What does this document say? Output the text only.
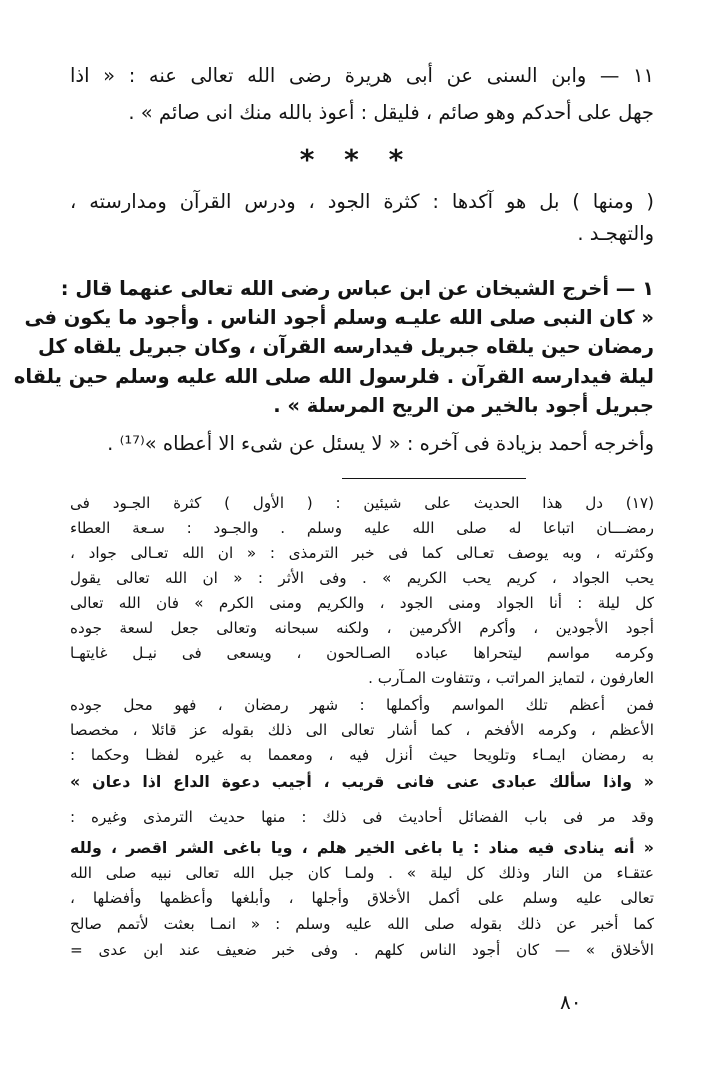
١١ — وابن السنى عن أبى هريرة رضى الله تعالى عنه : « اذا
جهل على أحدكم وهو صائم ، فليقل : أعوذ بالله منك انى صائم » .
* * *
( ومنها ) بل هو آكدها : كثرة الجود ، ودرس القرآن ومدارسته ،
والتهجـد .
١ — أخرج الشيخان عن ابن عباس رضى الله تعالى عنهما قال :
« كان النبى صلى الله عليـه وسلم أجود الناس . وأجود ما يكون فى
رمضان حين يلقاه جبريل فيدارسه القرآن ، وكان جبريل يلقاه كل
ليلة فيدارسه القرآن . فلرسول الله صلى الله عليه وسلم حين يلقاه
جبريل أجود بالخير من الريح المرسلة » .
وأخرجه أحمد بزيادة فى آخره : « لا يسئل عن شىء الا أعطاه »⁽¹⁷⁾ .
(١٧) دل هذا الحديث على شيئين : ( الأول ) كثرة الجـود فى
رمضـــان اتباعا له صلى الله عليه وسلم . والجـود : سـعة العطاء
وكثرته ، وبه يوصف تعـالى كما فى خبر الترمذى : « ان الله تعـالى جواد ،
يحب الجواد ، كريم يحب الكريم » . وفى الأثر : « ان الله تعالى يقول
كل ليلة : أنا الجواد ومنى الجود ، والكريم ومنى الكرم » فان الله تعالى
أجود الأجودين ، وأكرم الأكرمين ، ولكنه سبحانه وتعالى جعل لسعة جوده
وكرمه مواسم ليتحراها عباده الصـالحون ، ويسعى فى نيـل غايتهـا
العارفون ، لتمايز المراتب ، وتتفاوت المـآرب .
فمن أعظم تلك المواسم وأكملها : شهر رمضان ، فهو محل جوده
الأعظم ، وكرمه الأفخم ، كما أشار تعالى الى ذلك بقوله عز قائلا ، مخصصا
به رمضان ايمـاء وتلويحا حيث أنزل فيه ، ومعمما به غيره لفظـا وحكما :
« واذا سألك عبادى عنى فانى قريب ، أجيب دعوة الداع اذا دعان »
وقد مر فى باب الفضائل أحاديث فى ذلك : منها حديث الترمذى وغيره :
« أنه ينادى فيه مناد : يا باغى الخير هلم ، ويا باغى الشر اقصر ، ولله
عتقـاء من النار وذلك كل ليلة » . ولمـا كان جبل الله تعالى نبيه صلى الله
تعالى عليه وسلم على أكمل الأخلاق وأجلها ، وأبلغها وأعظمها وأفضلها ،
كما أخبر عن ذلك بقوله صلى الله عليه وسلم : « انمـا بعثت لأتمم صالح
الأخلاق » — كان أجود الناس كلهم . وفى خبر ضعيف عند ابن عدى =
٨٠
